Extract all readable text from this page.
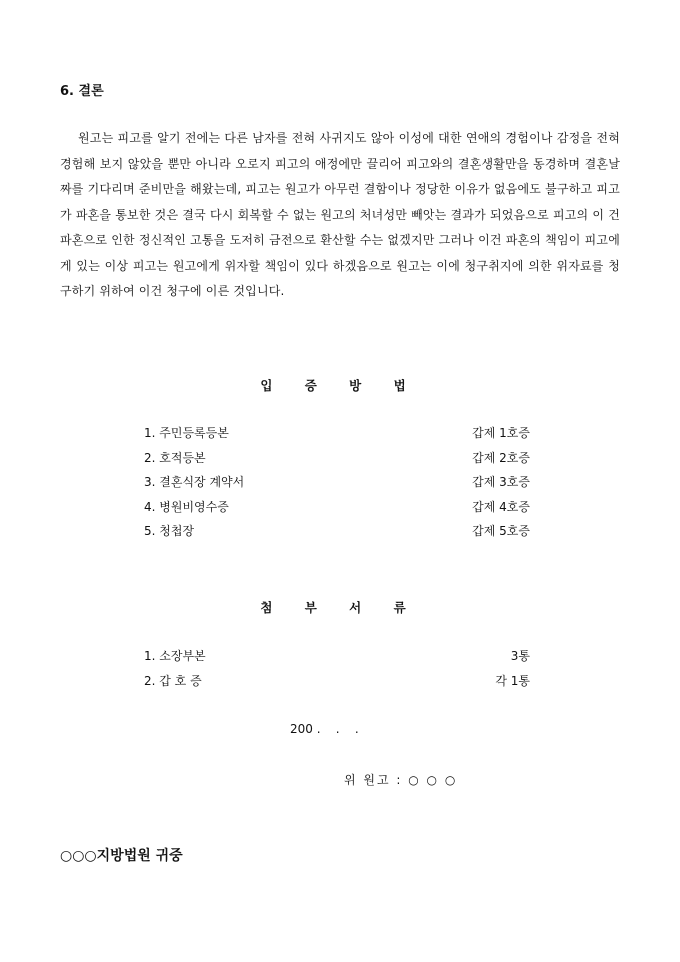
6. 결론

원고는 피고를 알기 전에는 다른 남자를 전혀 사귀지도 않아 이성에 대한 연애의 경험이나 감정을 전혀 경험해 보지 않았을 뿐만 아니라 오로지 피고의 애정에만 끌리어 피고와의 결혼생활만을 동경하며 결혼날짜를 기다리며 준비만을 해왔는데, 피고는 원고가 아무런 결함이나 정당한 이유가 없음에도 불구하고 피고가 파혼을 통보한 것은 결국 다시 회복할 수 없는 원고의 처녀성만 빼앗는 결과가 되었음으로 피고의 이 건 파혼으로 인한 정신적인 고통을 도저히 금전으로 환산할 수는 없겠지만 그러나 이건 파혼의 책임이 피고에게 있는 이상 피고는 원고에게 위자할 책임이 있다 하겠음으로 원고는 이에 청구취지에 의한 위자료를 청구하기 위하여 이건 청구에 이른 것입니다.

입 증 방 법
1. 주민등록등본	갑제 1호증
2. 호적등본	갑제 2호증
3. 결혼식장 계약서	갑제 3호증
4. 병원비영수증	갑제 4호증
5. 청첩장	갑제 5호증
첨 부 서 류
1. 소장부본	3통
2. 갑 호 증	각 1통

200 .    .    .

위 원고 : ○ ○ ○

○○○지방법원 귀중
